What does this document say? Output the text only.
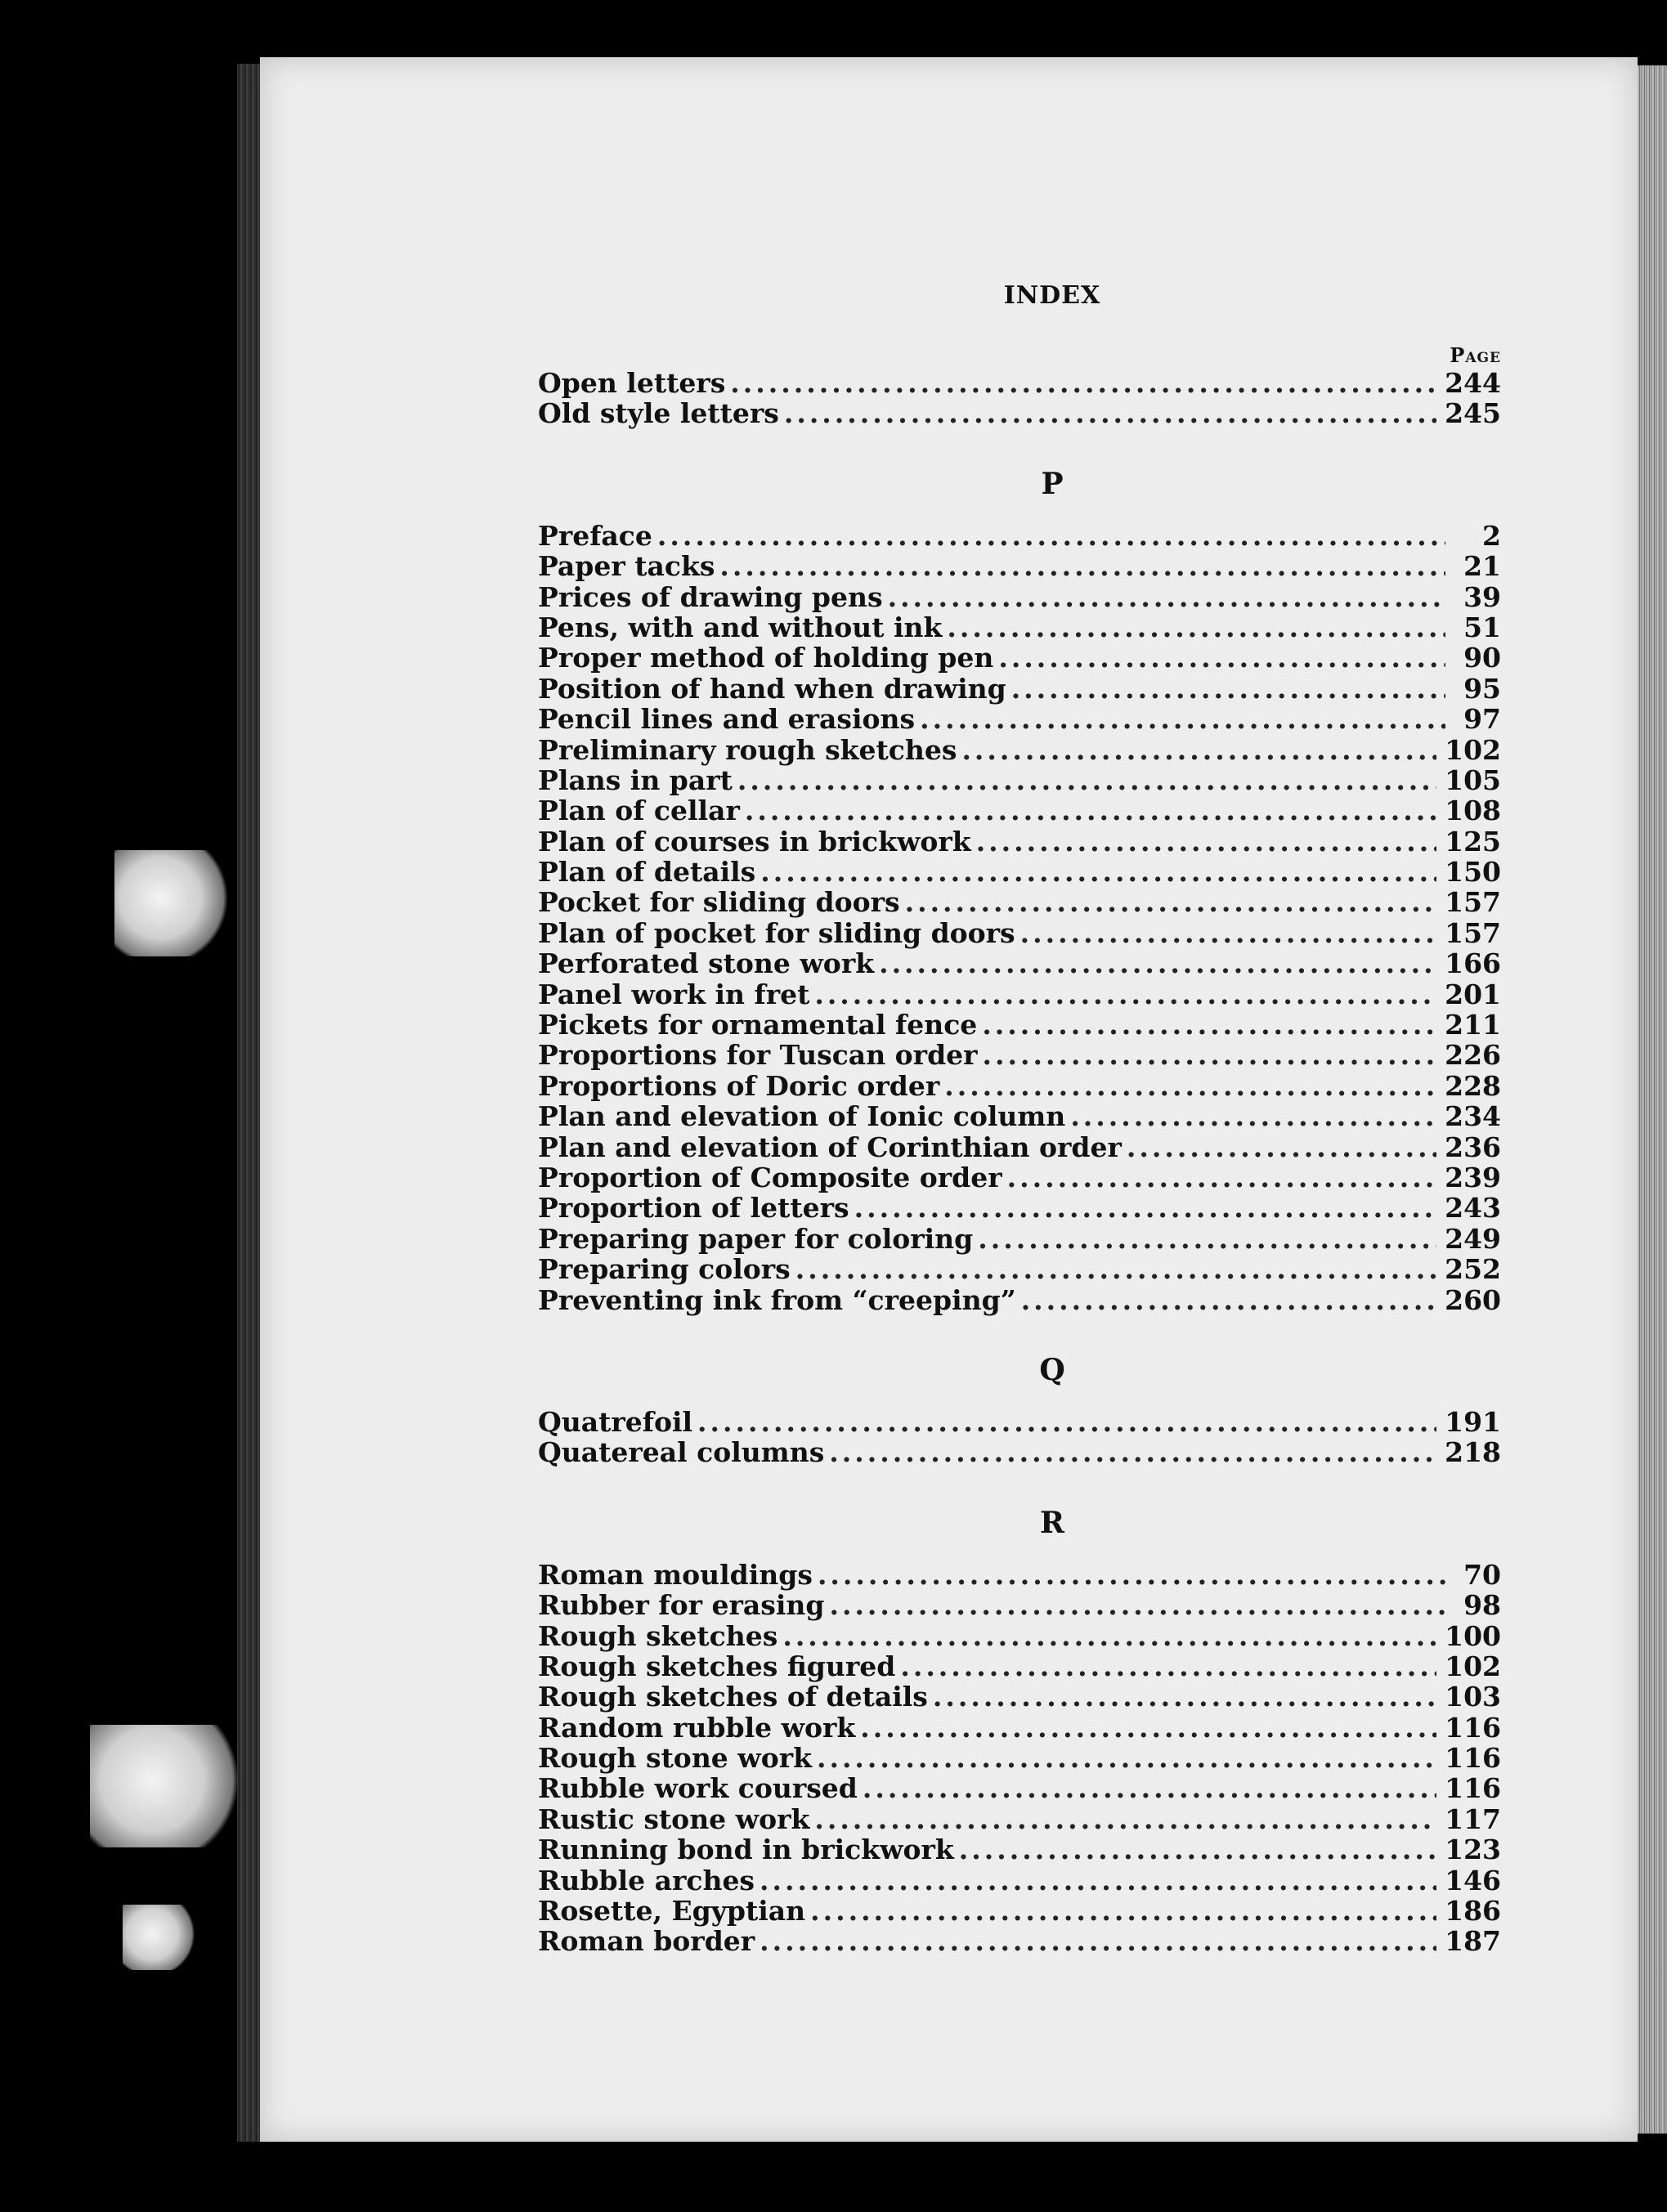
INDEX
Page
Open letters .....	244
Old style letters .....	245
P
Preface .....	2
Paper tacks .....	21
Prices of drawing pens .....	39
Pens, with and without ink .....	51
Proper method of holding pen .....	90
Position of hand when drawing .....	95
Pencil lines and erasions .....	97
Preliminary rough sketches .....	102
Plans in part .....	105
Plan of cellar .....	108
Plan of courses in brickwork .....	125
Plan of details .....	150
Pocket for sliding doors .....	157
Plan of pocket for sliding doors .....	157
Perforated stone work .....	166
Panel work in fret .....	201
Pickets for ornamental fence .....	211
Proportions for Tuscan order .....	226
Proportions of Doric order .....	228
Plan and elevation of Ionic column .....	234
Plan and elevation of Corinthian order .....	236
Proportion of Composite order .....	239
Proportion of letters .....	243
Preparing paper for coloring .....	249
Preparing colors .....	252
Preventing ink from “creeping” .....	260
Q
Quatrefoil .....	191
Quatereal columns .....	218
R
Roman mouldings .....	70
Rubber for erasing .....	98
Rough sketches .....	100
Rough sketches figured .....	102
Rough sketches of details .....	103
Random rubble work .....	116
Rough stone work .....	116
Rubble work coursed .....	116
Rustic stone work .....	117
Running bond in brickwork .....	123
Rubble arches .....	146
Rosette, Egyptian .....	186
Roman border .....	187
